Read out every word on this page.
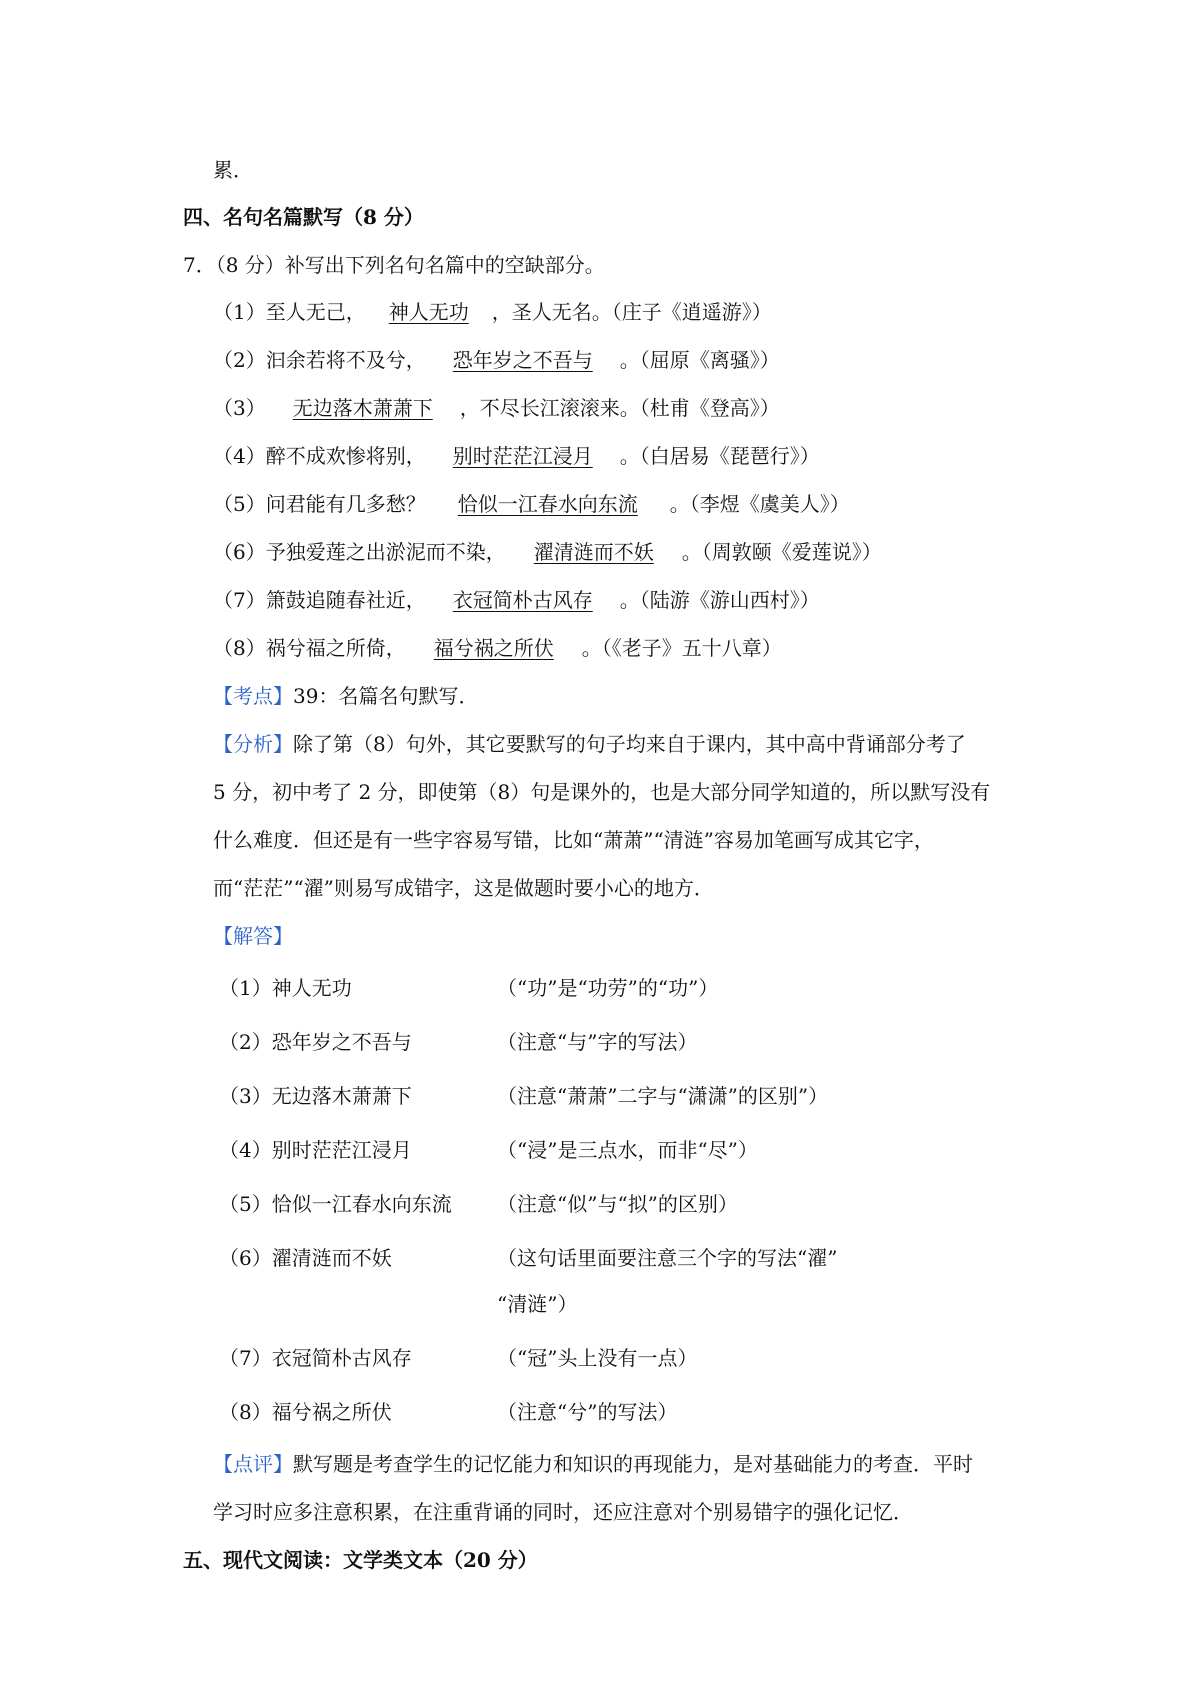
累．
四、名句名篇默写（8 分）
7．（8 分）补写出下列名句名篇中的空缺部分。
（1）至人无己， 神人无功 ，圣人无名。（庄子《逍遥游》）
（2）汩余若将不及兮， 恐年岁之不吾与 。（屈原《离骚》）
（3） 无边落木萧萧下 ，不尽长江滚滚来。（杜甫《登高》）
（4）醉不成欢惨将别， 别时茫茫江浸月 。（白居易《琵琶行》）
（5）问君能有几多愁？ 恰似一江春水向东流 。（李煜《虞美人》）
（6）予独爱莲之出淤泥而不染， 濯清涟而不妖 。（周敦颐《爱莲说》）
（7）箫鼓追随春社近， 衣冠简朴古风存 。（陆游《游山西村》）
（8）祸兮福之所倚， 福兮祸之所伏 。（《老子》五十八章）
【考点】39：名篇名句默写．
【分析】除了第（8）句外，其它要默写的句子均来自于课内，其中高中背诵部分考了
5 分，初中考了 2 分，即使第（8）句是课外的，也是大部分同学知道的，所以默写没有
什么难度．但还是有一些字容易写错，比如“萧萧”“清涟”容易加笔画写成其它字，
而“茫茫”“濯”则易写成错字，这是做题时要小心的地方．
【解答】
（1）神人无功	（“功”是“功劳”的“功”）
（2）恐年岁之不吾与	（注意“与”字的写法）
（3）无边落木萧萧下	（注意“萧萧”二字与“潇潇”的区别”）
（4）别时茫茫江浸月	（“浸”是三点水，而非“尽”）
（5）恰似一江春水向东流 （注意“似”与“拟”的区别）
（6）濯清涟而不妖	（这句话里面要注意三个字的写法“濯”
“清涟”）
（7）衣冠简朴古风存	（“冠”头上没有一点）
（8）福兮祸之所伏	（注意“兮”的写法）
【点评】默写题是考查学生的记忆能力和知识的再现能力，是对基础能力的考查．平时
学习时应多注意积累，在注重背诵的同时，还应注意对个别易错字的强化记忆．
五、现代文阅读：文学类文本（20 分）
